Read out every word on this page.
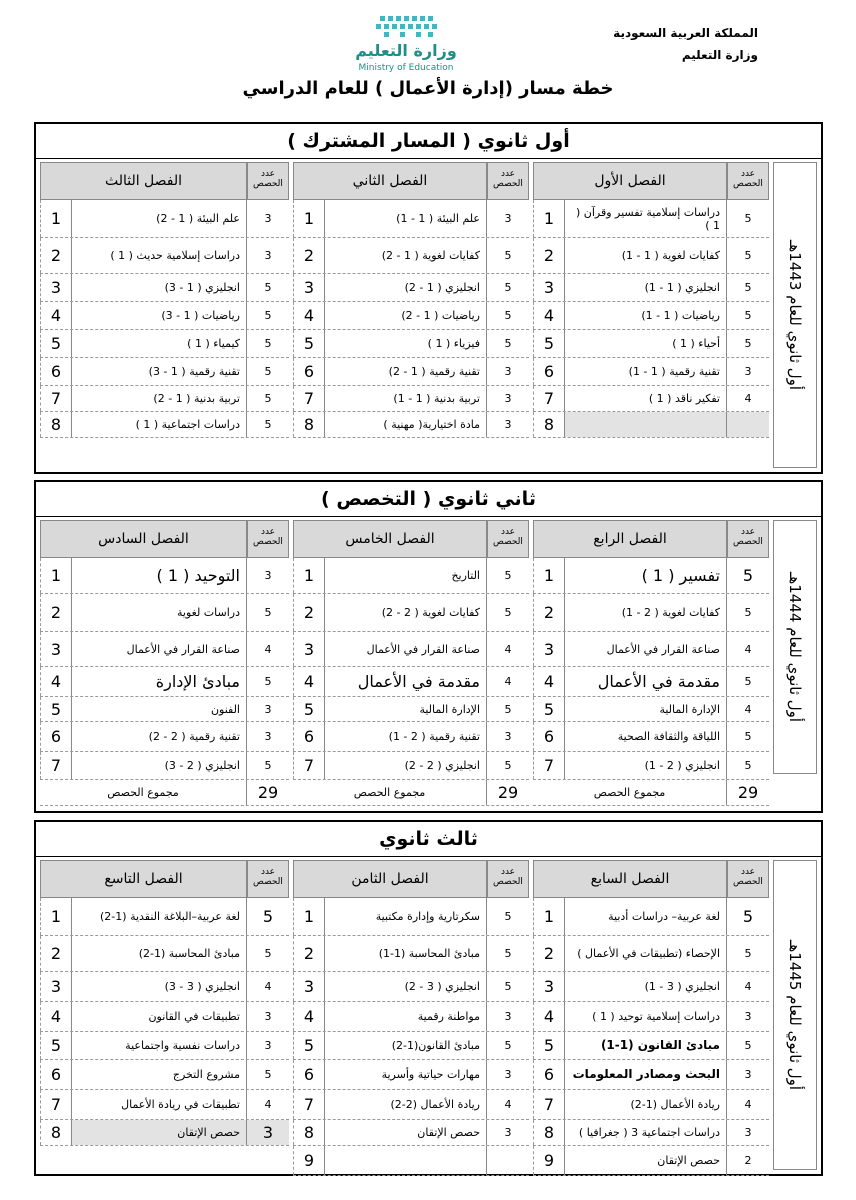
المملكة العربية السعودية
وزارة التعليم
وزارة التعليم
Ministry of Education
خطة مسار (إدارة الأعمال ) للعام الدراسي
أول ثانوي ( المسار المشترك )
أول ثانوي للعام 1443هـ
الفصل الأول	عدد الحصص
1	دراسات إسلامية تفسير وقرآن ( 1 )	5
2	كفايات لغوية ( 1 - 1)	5
3	انجليزي ( 1 - 1)	5
4	رياضيات ( 1 - 1)	5
5	أحياء ( 1 )	5
6	تقنية رقمية ( 1 - 1)	3
7	تفكير ناقد ( 1 )	4
8
الفصل الثاني	عدد الحصص
1	علم البيئة ( 1 - 1)	3
2	كفايات لغوية ( 1 - 2)	5
3	انجليزي ( 1 - 2)	5
4	رياضيات ( 1 - 2)	5
5	فيزياء ( 1 )	5
6	تقنية رقمية ( 1 - 2)	3
7	تربية بدنية ( 1 - 1)	3
8	مادة اختيارية( مهنية )	3
الفصل الثالث	عدد الحصص
1	علم البيئة ( 1 - 2)	3
2	دراسات إسلامية حديث ( 1 )	3
3	انجليزي ( 1 - 3)	5
4	رياضيات ( 1 - 3)	5
5	كيمياء ( 1 )	5
6	تقنية رقمية ( 1 - 3)	5
7	تربية بدنية ( 1 - 2)	5
8	دراسات اجتماعية ( 1 )	5
ثاني ثانوي ( التخصص )
أول ثانوي للعام 1444هـ
الفصل الرابع	عدد الحصص
1	تفسير ( 1 )	5
2	كفايات لغوية ( 2 - 1)	5
3	صناعة القرار في الأعمال	4
4	مقدمة في الأعمال	5
5	الإدارة المالية	4
6	اللياقة والثقافة الصحية	5
7	انجليزي ( 2 - 1)	5
مجموع الحصص	29
الفصل الخامس	عدد الحصص
1	التاريخ	5
2	كفايات لغوية ( 2 - 2)	5
3	صناعة القرار في الأعمال	4
4	مقدمة في الأعمال	4
5	الإدارة المالية	5
6	تقنية رقمية ( 2 - 1)	3
7	انجليزي ( 2 - 2)	5
مجموع الحصص	29
الفصل السادس	عدد الحصص
1	التوحيد ( 1 )	3
2	دراسات لغوية	5
3	صناعة القرار في الأعمال	4
4	مبادئ الإدارة	5
5	الفنون	3
6	تقنية رقمية ( 2 - 2)	3
7	انجليزي ( 2 - 3)	5
مجموع الحصص	29
ثالث ثانوي
أول ثانوي للعام 1445هـ
الفصل السابع	عدد الحصص
1	لغة عربية– دراسات أدبية	5
2	الإحصاء (تطبيقات في الأعمال )	5
3	انجليزي ( 3 - 1)	4
4	دراسات إسلامية توحيد ( 1 )	3
5	مبادئ القانون (1-1)	5
6	البحث ومصادر المعلومات	3
7	ريادة الأعمال (1-2)	4
8	دراسات اجتماعية 3 ( جغرافيا )	3
9	حصص الإتقان	2
الفصل الثامن	عدد الحصص
1	سكرتارية وإدارة مكتبية	5
2	مبادئ المحاسبة (1-1)	5
3	انجليزي ( 3 - 2)	5
4	مواطنة رقمية	3
5	مبادئ القانون(1-2)	5
6	مهارات حياتية وأسرية	3
7	ريادة الأعمال (2-2)	4
8	حصص الإتقان	3
9
الفصل التاسع	عدد الحصص
1	لغة عربية–البلاغة النقدية (1-2)	5
2	مبادئ المحاسبة (1-2)	5
3	انجليزي ( 3 - 3)	4
4	تطبيقات في القانون	3
5	دراسات نفسية واجتماعية	3
6	مشروع التخرج	5
7	تطبيقات في ريادة الأعمال	4
8	حصص الإتقان	3
